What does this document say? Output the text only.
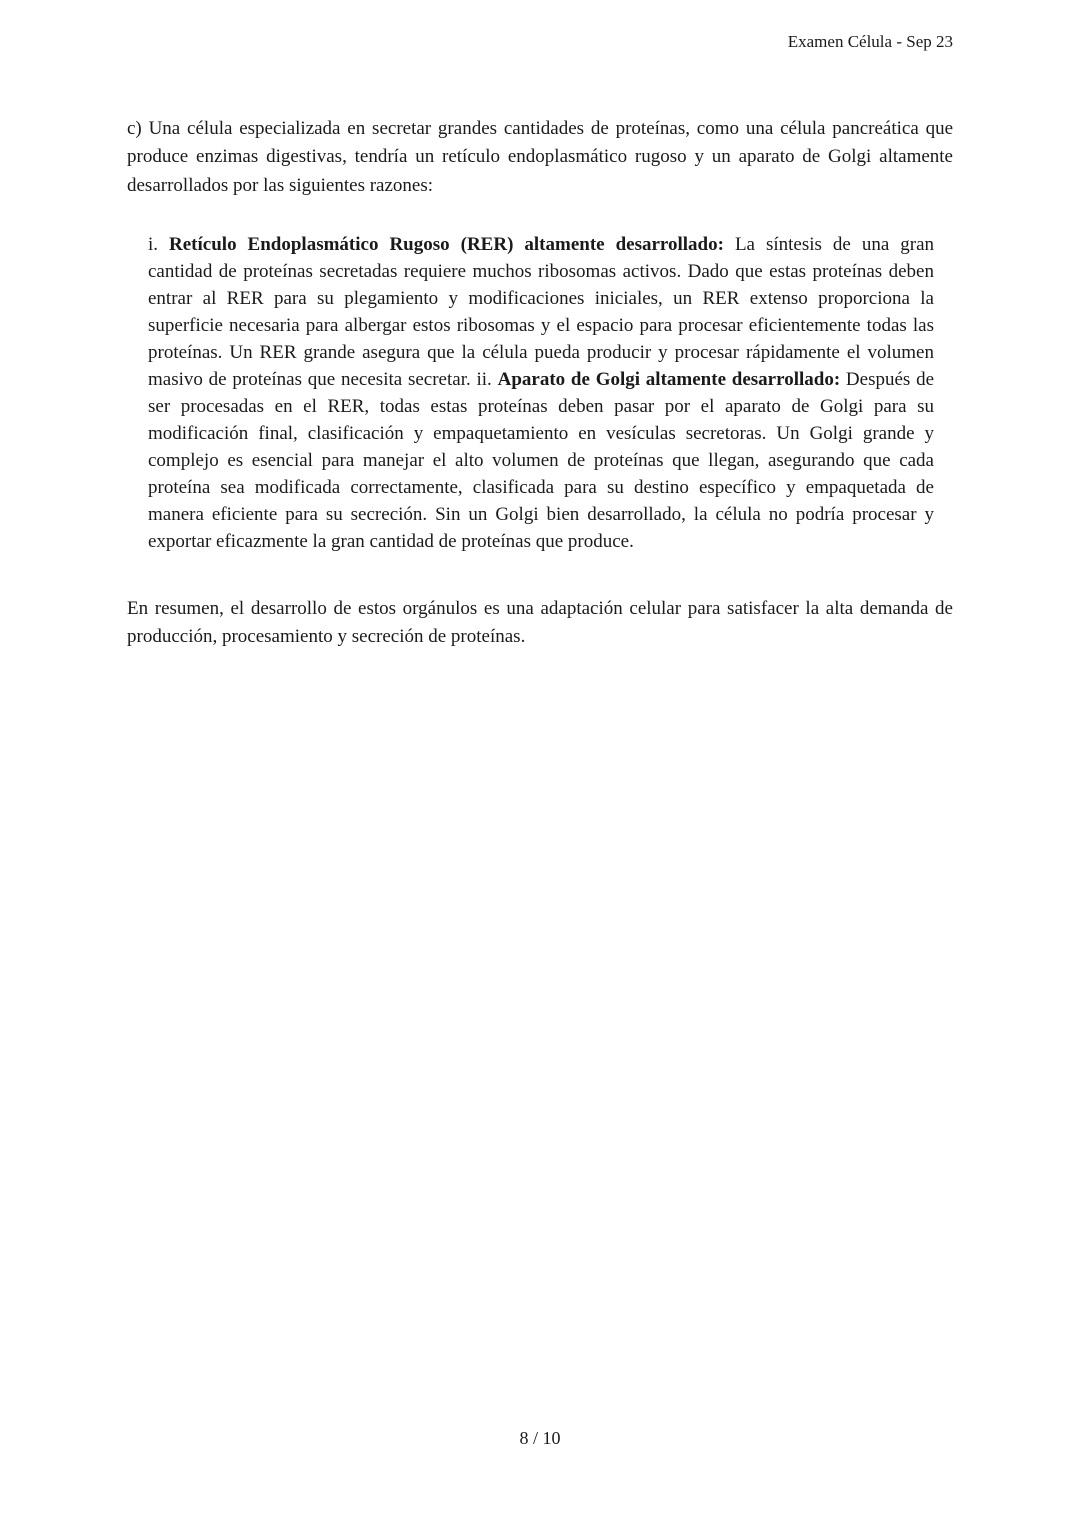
Examen Célula - Sep 23

c) Una célula especializada en secretar grandes cantidades de proteínas, como una célula pancreática que produce enzimas digestivas, tendría un retículo endoplasmático rugoso y un aparato de Golgi altamente desarrollados por las siguientes razones:

i. Retículo Endoplasmático Rugoso (RER) altamente desarrollado: La síntesis de una gran cantidad de proteínas secretadas requiere muchos ribosomas activos. Dado que estas proteínas deben entrar al RER para su plegamiento y modificaciones iniciales, un RER extenso proporciona la superficie necesaria para albergar estos ribosomas y el espacio para procesar eficientemente todas las proteínas. Un RER grande asegura que la célula pueda producir y procesar rápidamente el volumen masivo de proteínas que necesita secretar. ii. Aparato de Golgi altamente desarrollado: Después de ser procesadas en el RER, todas estas proteínas deben pasar por el aparato de Golgi para su modificación final, clasificación y empaquetamiento en vesículas secretoras. Un Golgi grande y complejo es esencial para manejar el alto volumen de proteínas que llegan, asegurando que cada proteína sea modificada correctamente, clasificada para su destino específico y empaquetada de manera eficiente para su secreción. Sin un Golgi bien desarrollado, la célula no podría procesar y exportar eficazmente la gran cantidad de proteínas que produce.

En resumen, el desarrollo de estos orgánulos es una adaptación celular para satisfacer la alta demanda de producción, procesamiento y secreción de proteínas.

8 / 10
